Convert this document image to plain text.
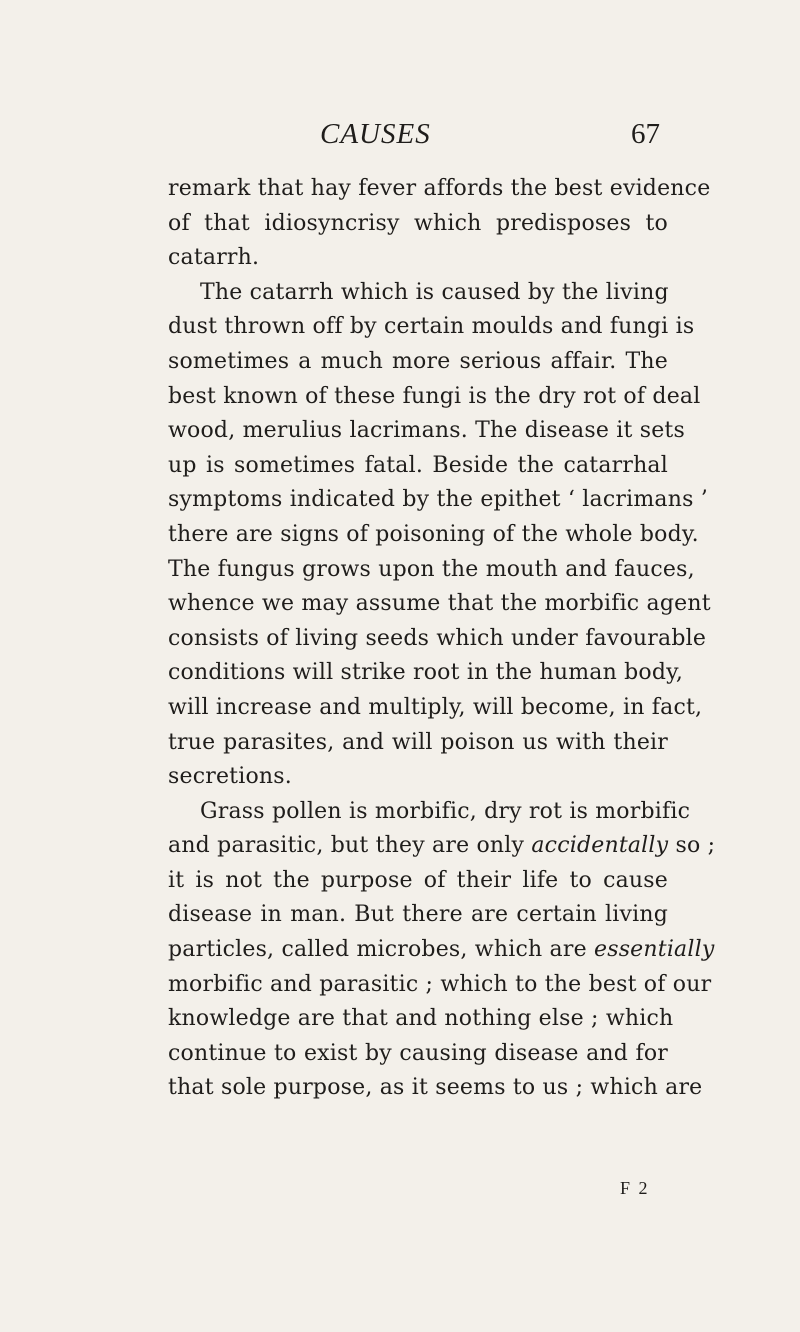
CAUSES	67
remark that hay fever affords the best evidence
of that idiosyncrisy which predisposes to
catarrh.
The catarrh which is caused by the living
dust thrown off by certain moulds and fungi is
sometimes a much more serious affair. The
best known of these fungi is the dry rot of deal
wood, merulius lacrimans. The disease it sets
up is sometimes fatal. Beside the catarrhal
symptoms indicated by the epithet ‘ lacrimans ’
there are signs of poisoning of the whole body.
The fungus grows upon the mouth and fauces,
whence we may assume that the morbific agent
consists of living seeds which under favourable
conditions will strike root in the human body,
will increase and multiply, will become, in fact,
true parasites, and will poison us with their
secretions.
Grass pollen is morbific, dry rot is morbific
and parasitic, but they are only accidentally so ;
it is not the purpose of their life to cause
disease in man. But there are certain living
particles, called microbes, which are essentially
morbific and parasitic ; which to the best of our
knowledge are that and nothing else ; which
continue to exist by causing disease and for
that sole purpose, as it seems to us ; which are
F 2
